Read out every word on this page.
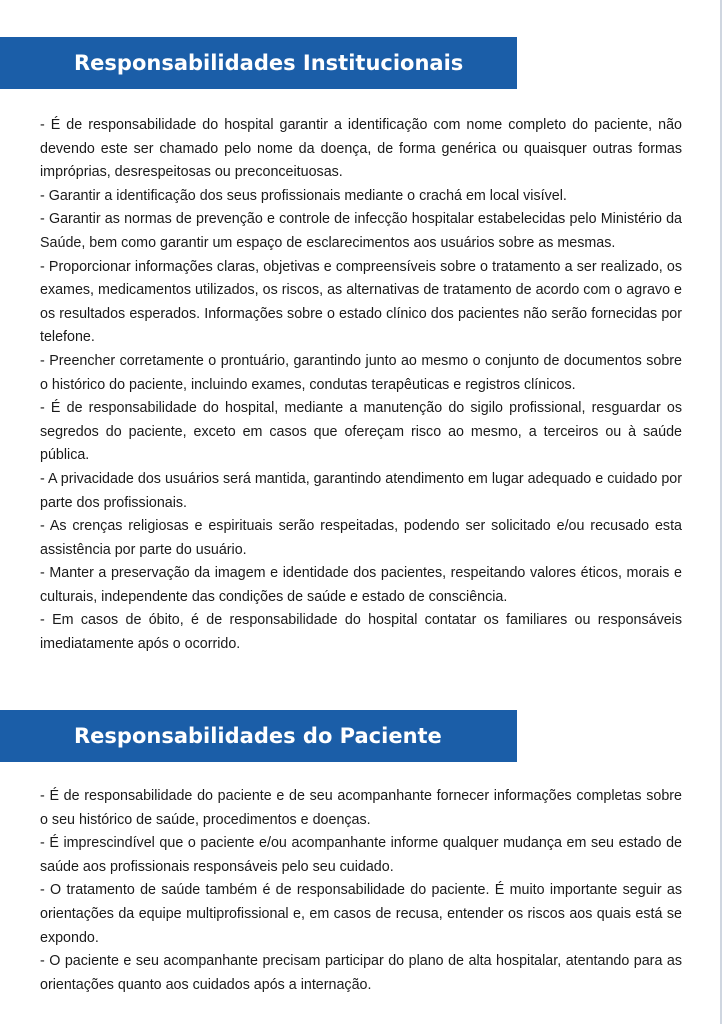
Responsabilidades Institucionais

- É de responsabilidade do hospital garantir a identificação com nome completo do paciente, não devendo este ser chamado pelo nome da doença, de forma genérica ou quaisquer outras formas impróprias, desrespeitosas ou preconceituosas.

- Garantir a identificação dos seus profissionais mediante o crachá em local visível.

- Garantir as normas de prevenção e controle de infecção hospitalar estabelecidas pelo Ministério da Saúde, bem como garantir um espaço de esclarecimentos aos usuários sobre as mesmas.

- Proporcionar informações claras, objetivas e compreensíveis sobre o tratamento a ser realizado, os exames, medicamentos utilizados, os riscos, as alternativas de tratamento de acordo com o agravo e os resultados esperados. Informações sobre o estado clínico dos pacientes não serão fornecidas por telefone.

- Preencher corretamente o prontuário, garantindo junto ao mesmo o conjunto de documentos sobre o histórico do paciente, incluindo exames, condutas terapêuticas e registros clínicos.

- É de responsabilidade do hospital, mediante a manutenção do sigilo profissional, resguardar os segredos do paciente, exceto em casos que ofereçam risco ao mesmo, a terceiros ou à saúde pública.

- A privacidade dos usuários será mantida, garantindo atendimento em lugar adequado e cuidado por parte dos profissionais.

- As crenças religiosas e espirituais serão respeitadas, podendo ser solicitado e/ou recusado esta assistência por parte do usuário.

- Manter a preservação da imagem e identidade dos pacientes, respeitando valores éticos, morais e culturais, independente das condições de saúde e estado de consciência.

- Em casos de óbito, é de responsabilidade do hospital contatar os familiares ou responsáveis imediatamente após o ocorrido.

Responsabilidades do Paciente

- É de responsabilidade do paciente e de seu acompanhante fornecer informações completas sobre o seu histórico de saúde, procedimentos e doenças.

- É imprescindível que o paciente e/ou acompanhante informe qualquer mudança em seu estado de saúde aos profissionais responsáveis pelo seu cuidado.

- O tratamento de saúde também é de responsabilidade do paciente. É muito importante seguir as orientações da equipe multiprofissional e, em casos de recusa, entender os riscos aos quais está se expondo.

- O paciente e seu acompanhante precisam participar do plano de alta hospitalar, atentando para as orientações quanto aos cuidados após a internação.
